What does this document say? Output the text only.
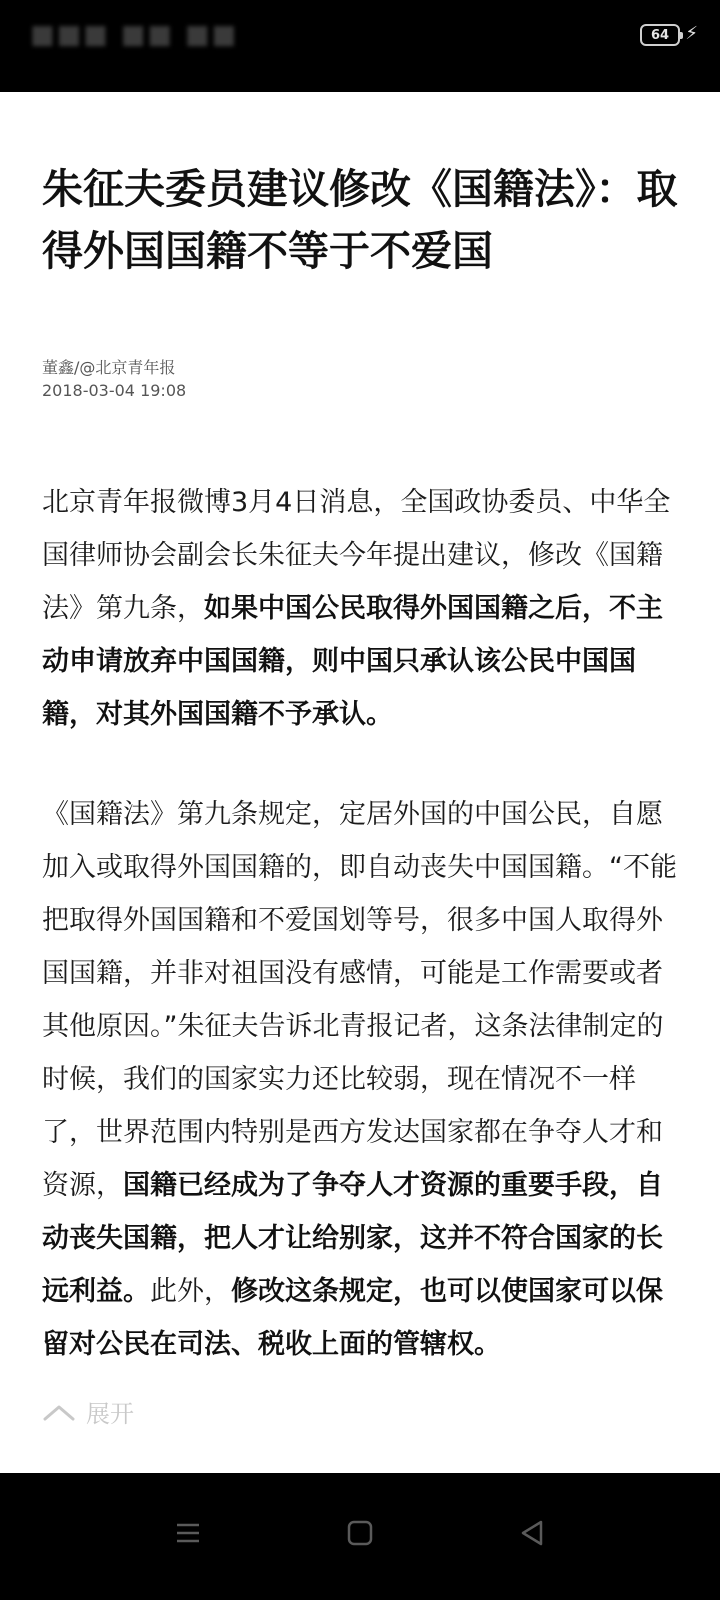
■■■ ■■ ■■	64 ⚡︎
朱征夫委员建议修改《国籍法》：取得外国国籍不等于不爱国
董鑫/@北京青年报
2018-03-04 19:08

北京青年报微博3月4日消息，全国政协委员、中华全国律师协会副会长朱征夫今年提出建议，修改《国籍法》第九条，如果中国公民取得外国国籍之后，不主动申请放弃中国国籍，则中国只承认该公民中国国籍，对其外国国籍不予承认。

《国籍法》第九条规定，定居外国的中国公民，自愿加入或取得外国国籍的，即自动丧失中国国籍。“不能把取得外国国籍和不爱国划等号，很多中国人取得外国国籍，并非对祖国没有感情，可能是工作需要或者其他原因。”朱征夫告诉北青报记者，这条法律制定的时候，我们的国家实力还比较弱，现在情况不一样了，世界范围内特别是西方发达国家都在争夺人才和资源，国籍已经成为了争夺人才资源的重要手段，自动丧失国籍，把人才让给别家，这并不符合国家的长远利益。此外，修改这条规定，也可以使国家可以保留对公民在司法、税收上面的管辖权。

展开
